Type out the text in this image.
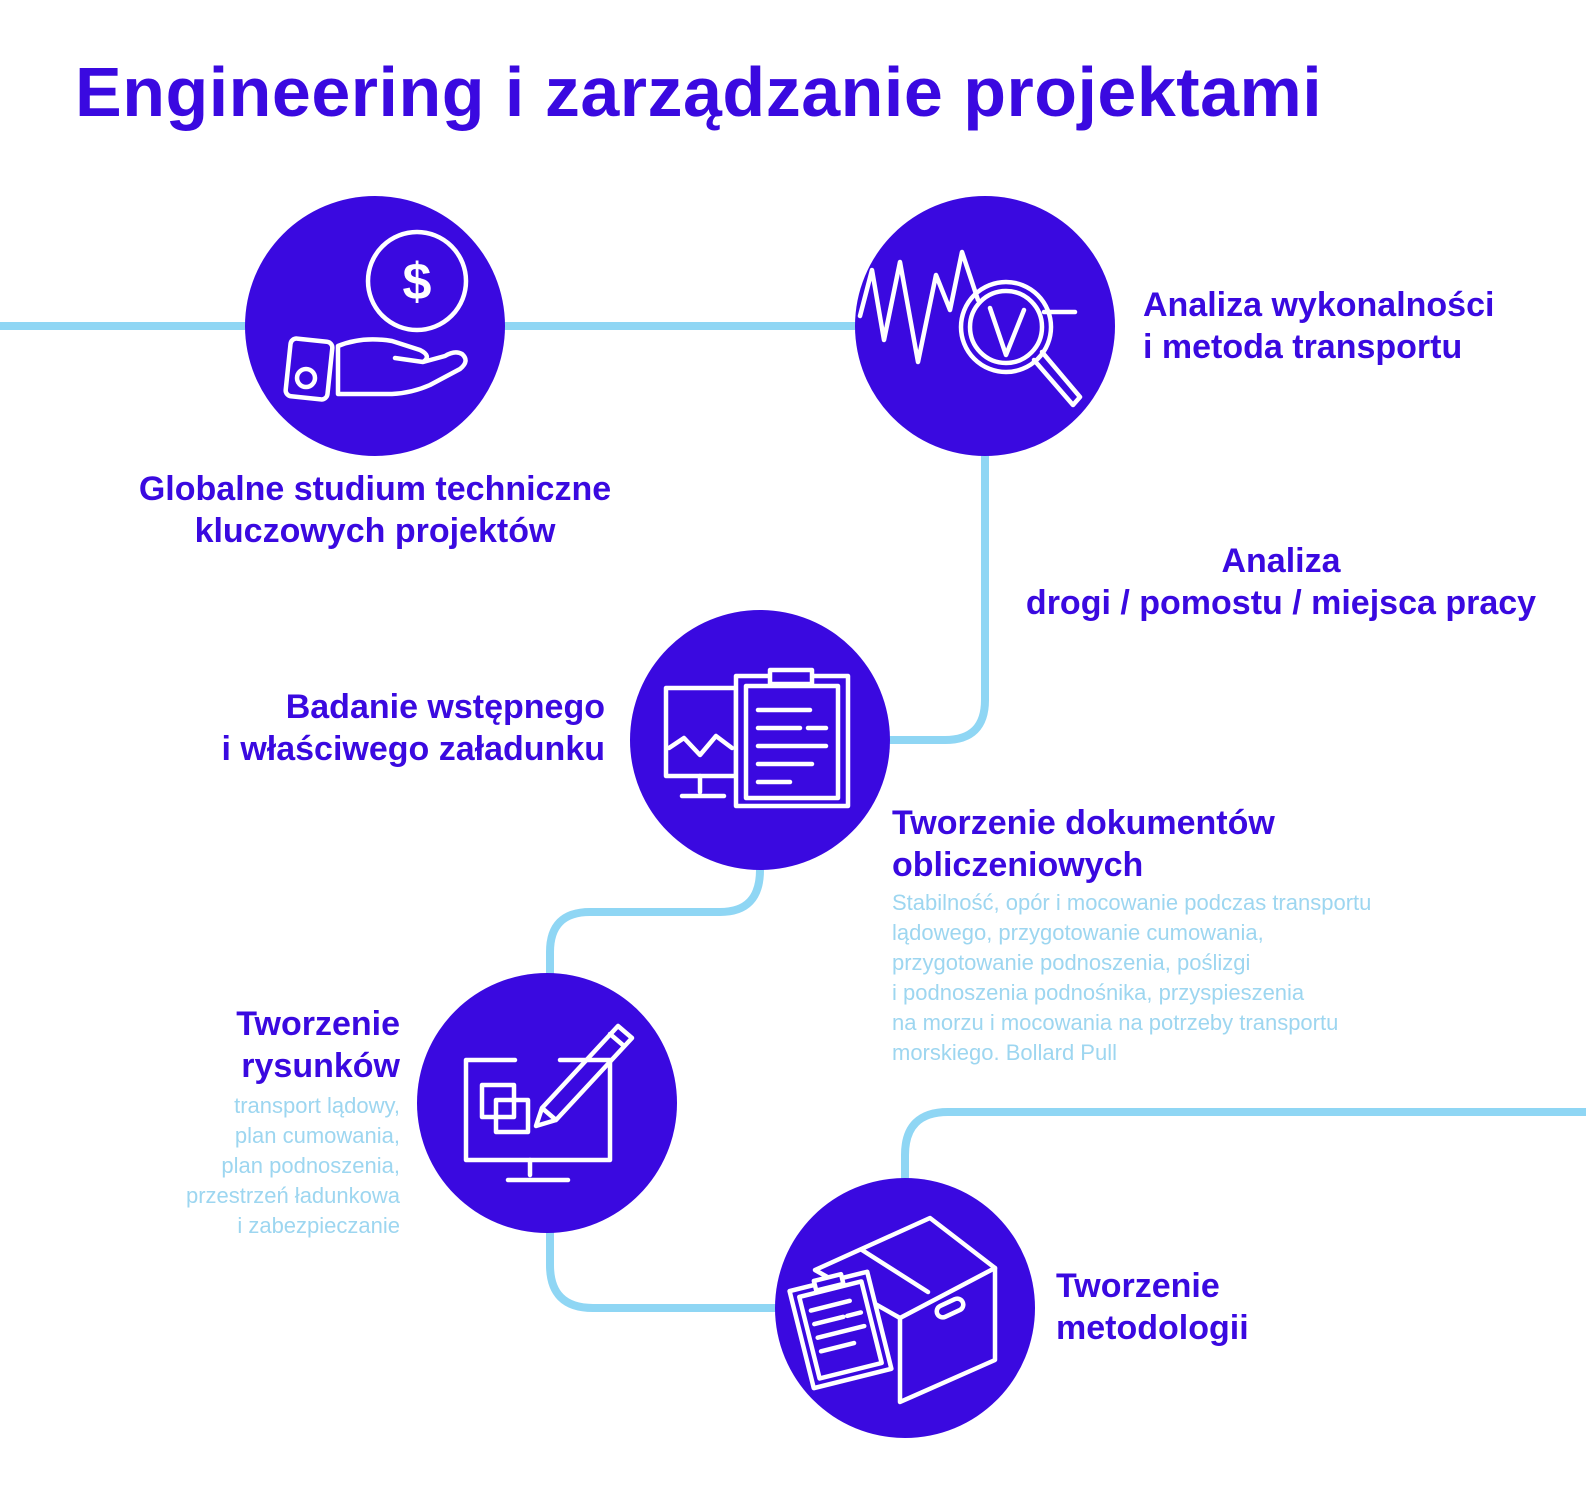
Engineering i zarządzanie projektami
$
Globalne studium techniczne
kluczowych projektów
Analiza wykonalności
i metoda transportu
Analiza
drogi / pomostu / miejsca pracy
Badanie wstępnego
i właściwego załadunku
Tworzenie dokumentów
obliczeniowych
Stabilność, opór i mocowanie podczas transportu
lądowego, przygotowanie cumowania,
przygotowanie podnoszenia, poślizgi
i podnoszenia podnośnika, przyspieszenia
na morzu i mocowania na potrzeby transportu
morskiego. Bollard Pull
Tworzenie
rysunków
transport lądowy,
plan cumowania,
plan podnoszenia,
przestrzeń ładunkowa
i zabezpieczanie
Tworzenie
metodologii
